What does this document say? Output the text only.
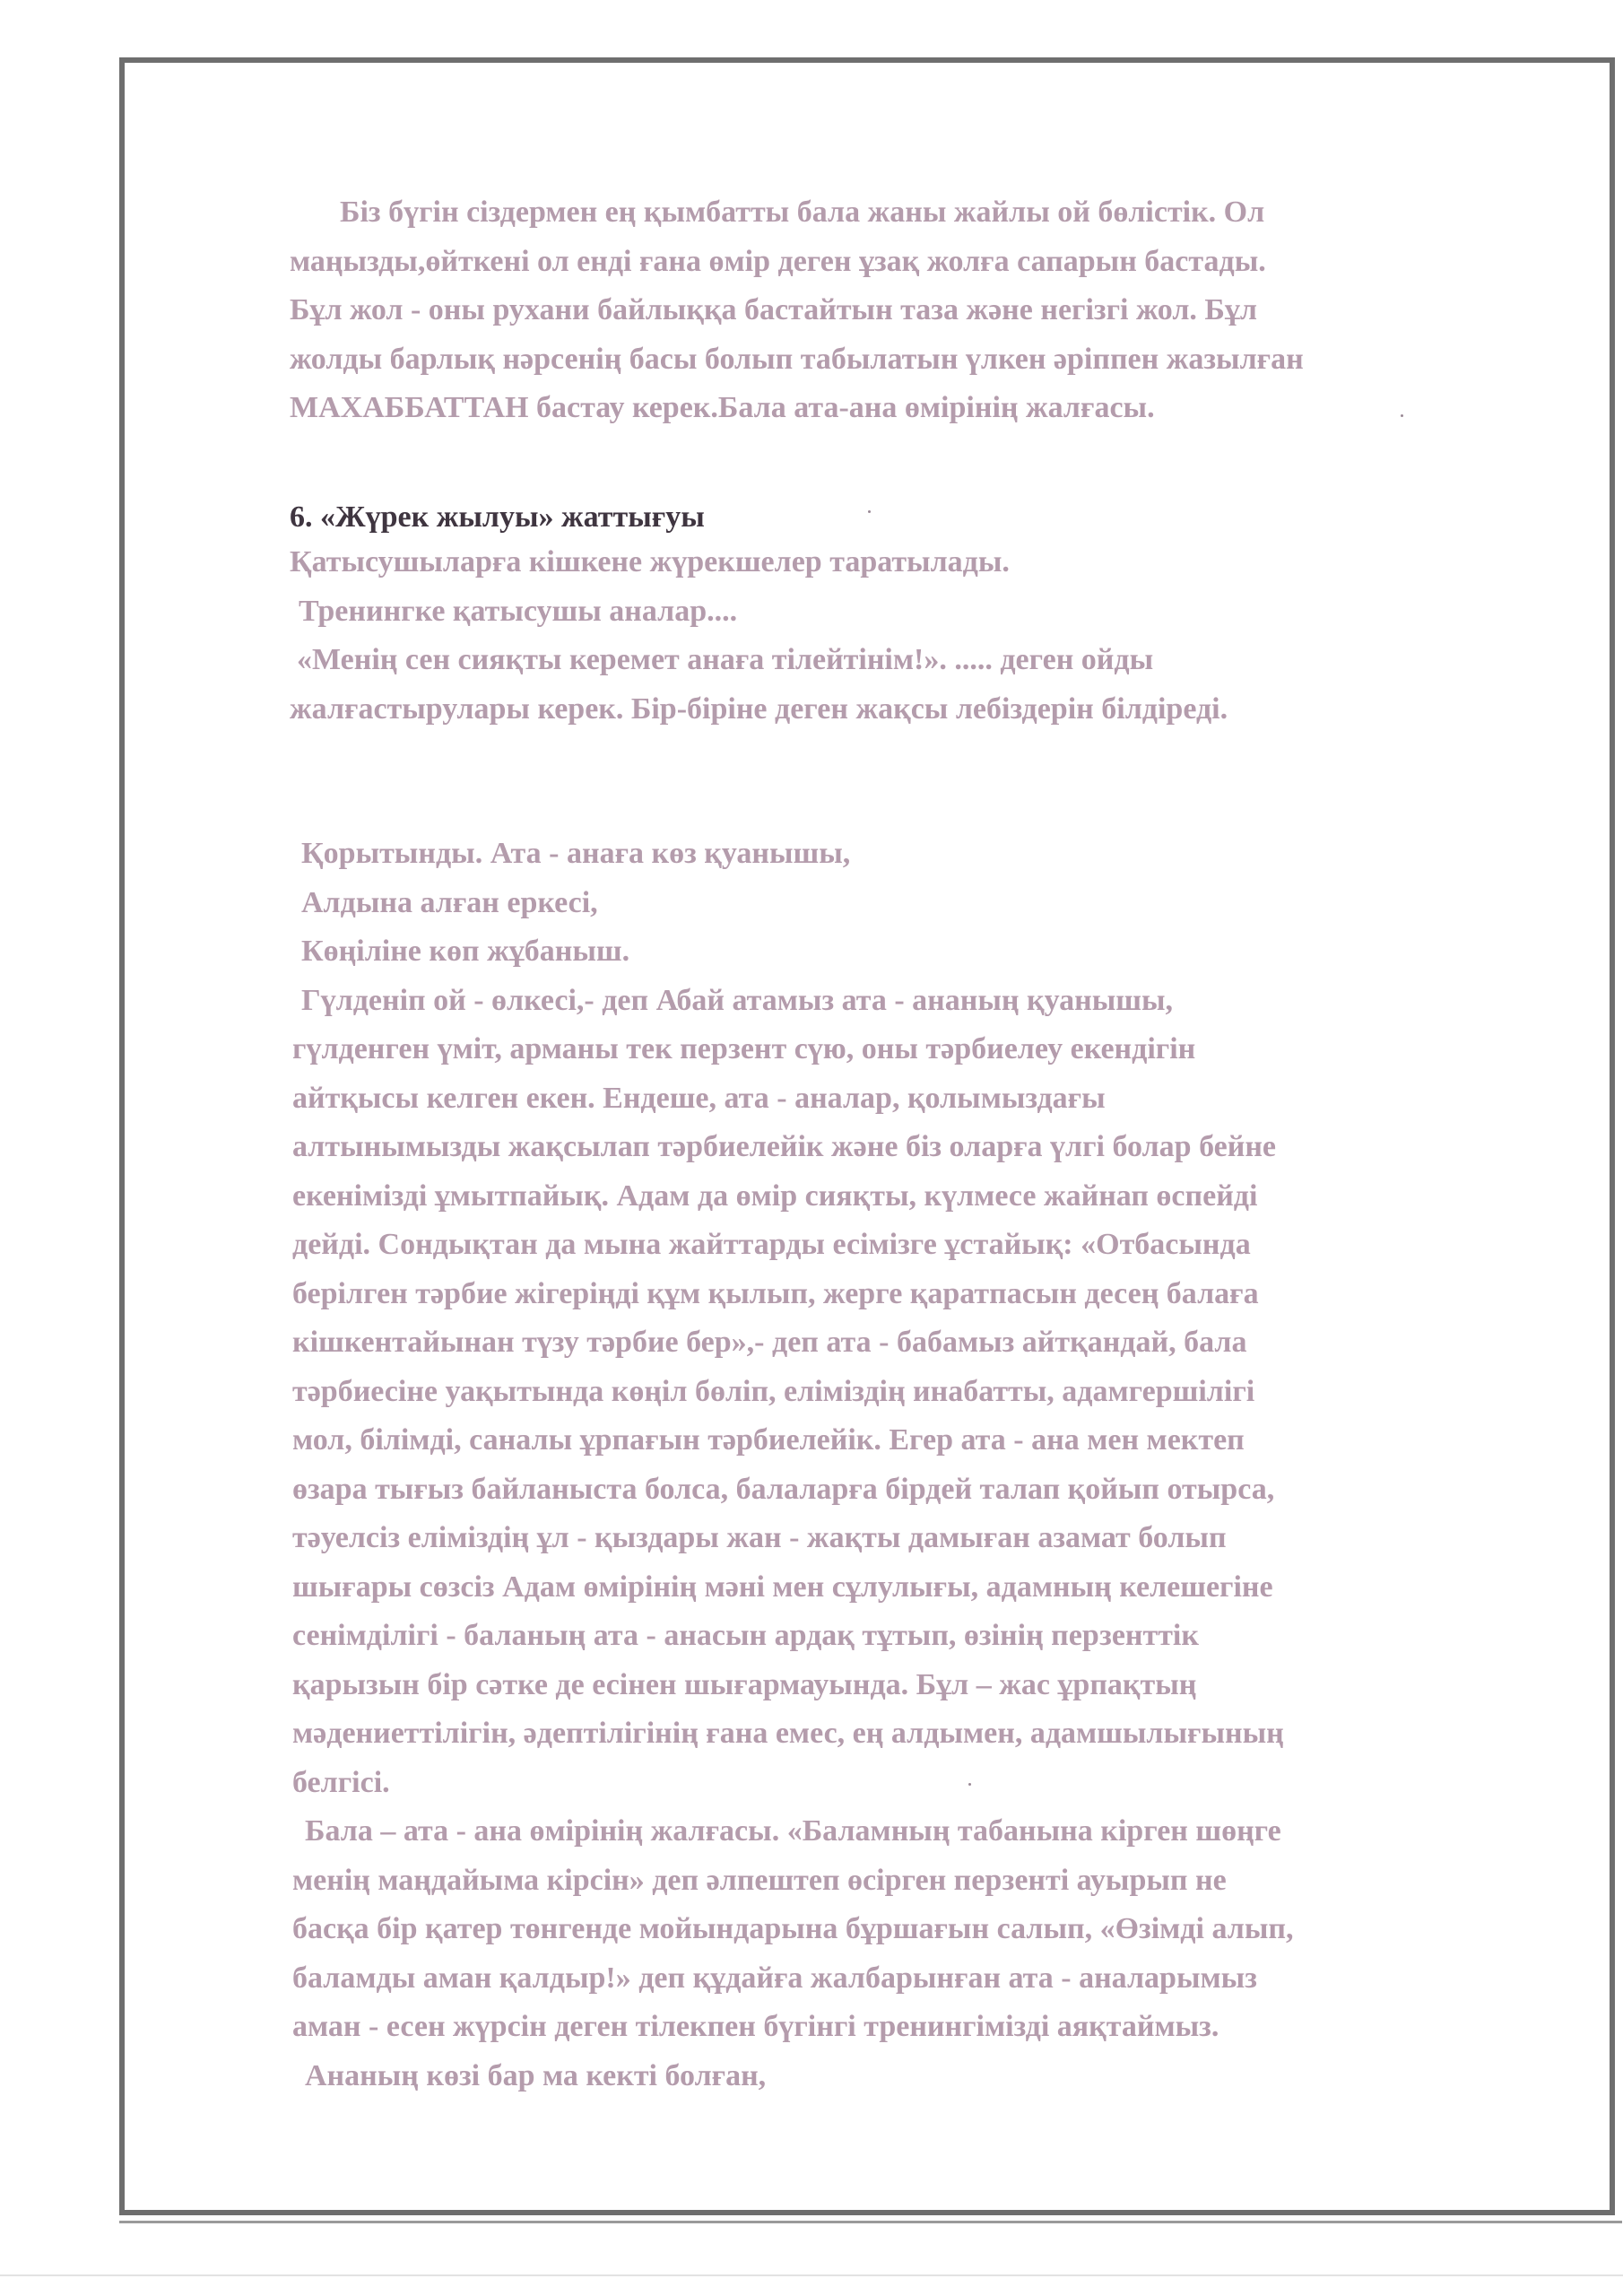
Біз бүгін сіздермен ең қымбатты бала жаны жайлы ой бөлістік. Ол
маңызды,өйткені ол енді ғана өмір деген ұзақ жолға сапарын бастады.
Бұл жол - оны рухани байлыққа бастайтын таза және негізгі жол. Бұл
жолды барлық нәрсенің басы болып табылатын үлкен әріппен жазылған
МАХАББАТТАН бастау керек.Бала ата-ана өмірінің жалғасы.
6. «Жүрек жылуы» жаттығуы
Қатысушыларға кішкене жүрекшелер таратылады.
Тренингке қатысушы аналар....
«Менің сен сияқты керемет анаға тілейтінім!». ..... деген ойды
жалғастырулары керек. Бір-біріне деген жақсы лебіздерін білдіреді.
Қорытынды. Ата - анаға көз қуанышы,
Алдына алған еркесі,
Көңіліне көп жұбаныш.
Гүлденіп ой - өлкесі,- деп Абай атамыз ата - ананың қуанышы,
гүлденген үміт, арманы тек перзент сүю, оны тәрбиелеу екендігін
айтқысы келген екен. Ендеше, ата - аналар, қолымыздағы
алтынымызды жақсылап тәрбиелейік және біз оларға үлгі болар бейне
екенімізді ұмытпайық. Адам да өмір сияқты, күлмесе жайнап өспейді
дейді. Сондықтан да мына жайттарды есімізге ұстайық: «Отбасында
берілген тәрбие жігеріңді құм қылып, жерге қаратпасын десең балаға
кішкентайынан түзу тәрбие бер»,- деп ата - бабамыз айтқандай, бала
тәрбиесіне уақытында көңіл бөліп, еліміздің инабатты, адамгершілігі
мол, білімді, саналы ұрпағын тәрбиелейік. Егер ата - ана мен мектеп
өзара тығыз байланыста болса, балаларға бірдей талап қойып отырса,
тәуелсіз еліміздің ұл - қыздары жан - жақты дамыған азамат болып
шығары сөзсіз Адам өмірінің мәні мен сұлулығы, адамның келешегіне
сенімділігі - баланың ата - анасын ардақ тұтып, өзінің перзенттік
қарызын бір сәтке де есінен шығармауында. Бұл – жас ұрпақтың
мәдениеттілігін, әдептілігінің ғана емес, ең алдымен, адамшылығының
белгісі.
Бала – ата - ана өмірінің жалғасы. «Баламның табанына кірген шөңге
менің маңдайыма кірсін» деп әлпештеп өсірген перзенті ауырып не
басқа бір қатер төнгенде мойындарына бұршағын салып, «Өзімді алып,
баламды аман қалдыр!» деп құдайға жалбарынған ата - аналарымыз
аман - есен жүрсін деген тілекпен бүгінгі тренингімізді аяқтаймыз.
Ананың көзі бар ма кекті болған,
